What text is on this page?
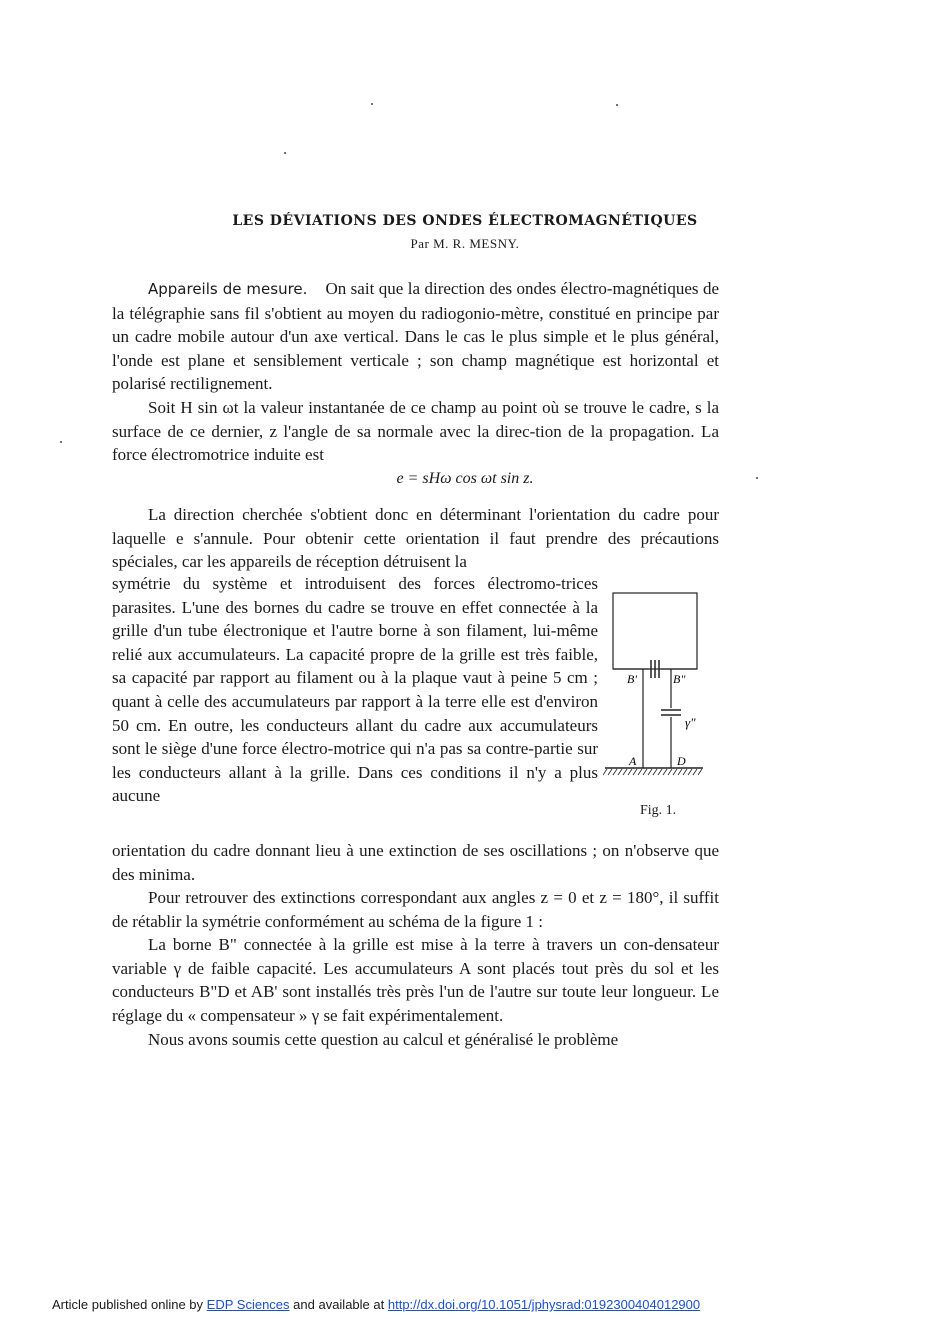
LES DÉVIATIONS DES ONDES ÉLECTROMAGNÉTIQUES
Par M. R. MESNY.

Appareils de mesure. On sait que la direction des ondes électro-magnétiques de la télégraphie sans fil s'obtient au moyen du radiogonio-mètre, constitué en principe par un cadre mobile autour d'un axe vertical. Dans le cas le plus simple et le plus général, l'onde est plane et sensiblement verticale ; son champ magnétique est horizontal et polarisé rectilignement.

Soit H sin ωt la valeur instantanée de ce champ au point où se trouve le cadre, s la surface de ce dernier, z l'angle de sa normale avec la direc-tion de la propagation. La force électromotrice induite est

e = sHω cos ωt sin z.

La direction cherchée s'obtient donc en déterminant l'orientation du cadre pour laquelle e s'annule. Pour obtenir cette orientation il faut prendre des précautions spéciales, car les appareils de réception détruisent la

symétrie du système et introduisent des forces électromo-trices parasites. L'une des bornes du cadre se trouve en effet connectée à la grille d'un tube électronique et l'autre borne à son filament, lui-même relié aux accumulateurs. La capacité propre de la grille est très faible, sa capacité par rapport au filament ou à la plaque vaut à peine 5 cm ; quant à celle des accumulateurs par rapport à la terre elle est d'environ 50 cm. En outre, les conducteurs allant du cadre aux accumulateurs sont le siège d'une force électro-motrice qui n'a pas sa contre-partie sur les conducteurs allant à la grille. Dans ces conditions il n'y a plus aucune
B'	B"
γ"
A	D
Fig. 1.

orientation du cadre donnant lieu à une extinction de ses oscillations ; on n'observe que des minima.

Pour retrouver des extinctions correspondant aux angles z = 0 et z = 180°, il suffit de rétablir la symétrie conformément au schéma de la figure 1 :

La borne B" connectée à la grille est mise à la terre à travers un con-densateur variable γ de faible capacité. Les accumulateurs A sont placés tout près du sol et les conducteurs B"D et AB' sont installés très près l'un de l'autre sur toute leur longueur. Le réglage du « compensateur » γ se fait expérimentalement.

Nous avons soumis cette question au calcul et généralisé le problème

Article published online by EDP Sciences and available at http://dx.doi.org/10.1051/jphysrad:0192300404012900
